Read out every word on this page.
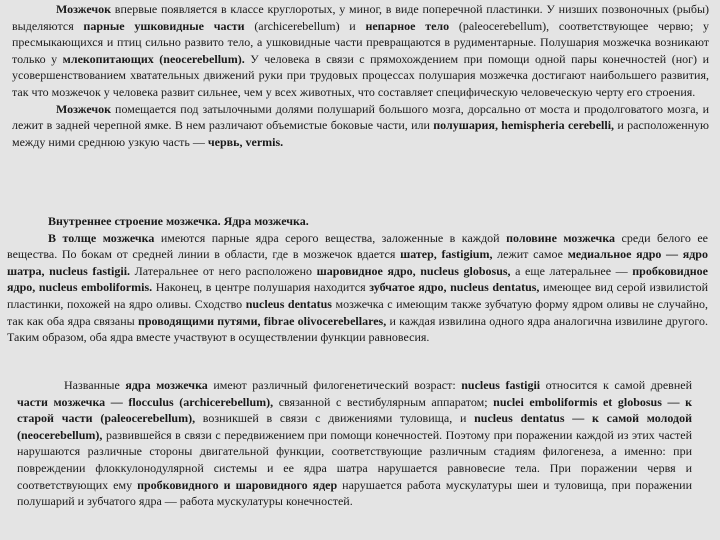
Мозжечок впервые появляется в классе круглоротых, у миног, в виде поперечной пластинки. У низших позвоночных (рыбы) выделяются парные ушковидные части (archicerebellum) и непарное тело (paleocerebellum), соответствующее червю; у пресмыкающихся и птиц сильно развито тело, а ушковидные части превращаются в рудиментарные. Полушария мозжечка возникают только у млекопитающих (neocerebellum). У человека в связи с прямохождением при помощи одной пары конечностей (ног) и усовершенствованием хватательных движений руки при трудовых процессах полушария мозжечка достигают наибольшего развития, так что мозжечок у человека развит сильнее, чем у всех животных, что составляет специфическую человеческую черту его строения.

Мозжечок помещается под затылочными долями полушарий большого мозга, дорсально от моста и продолговатого мозга, и лежит в задней черепной ямке. В нем различают объемистые боковые части, или полушария, hemispheria cerebelli, и расположенную между ними среднюю узкую часть — червь, vermis.

Внутреннее строение мозжечка. Ядра мозжечка.

В толще мозжечка имеются парные ядра серого вещества, заложенные в каждой половине мозжечка среди белого ее вещества. По бокам от средней линии в области, где в мозжечок вдается шатер, fastigium, лежит самое медиальное ядро — ядро шатра, nucleus fastigii. Латеральнее от него расположено шаровидное ядро, nucleus globosus, а еще латеральнее — пробковидное ядро, nucleus emboliformis. Наконец, в центре полушария находится зубчатое ядро, nucleus dentatus, имеющее вид серой извилистой пластинки, похожей на ядро оливы. Сходство nucleus dentatus мозжечка с имеющим также зубчатую форму ядром оливы не случайно, так как оба ядра связаны проводящими путями, fibrae olivocerebellares, и каждая извилина одного ядра аналогична извилине другого. Таким образом, оба ядра вместе участвуют в осуществлении функции равновесия.

Названные ядра мозжечка имеют различный филогенетический возраст: nucleus fastigii относится к самой древней части мозжечка — flocculus (archicerebellum), связанной с вестибулярным аппаратом; nuclei emboliformis et globosus — к старой части (paleocerebellum), возникшей в связи с движениями туловища, и nucleus dentatus — к самой молодой (neocerebellum), развившейся в связи с передвижением при помощи конечностей. Поэтому при поражении каждой из этих частей нарушаются различные стороны двигательной функции, соответствующие различным стадиям филогенеза, а именно: при повреждении флоккулонодулярной системы и ее ядра шатра нарушается равновесие тела. При поражении червя и соответствующих ему пробковидного и шаровидного ядер нарушается работа мускулатуры шеи и туловища, при поражении полушарий и зубчатого ядра — работа мускулатуры конечностей.
